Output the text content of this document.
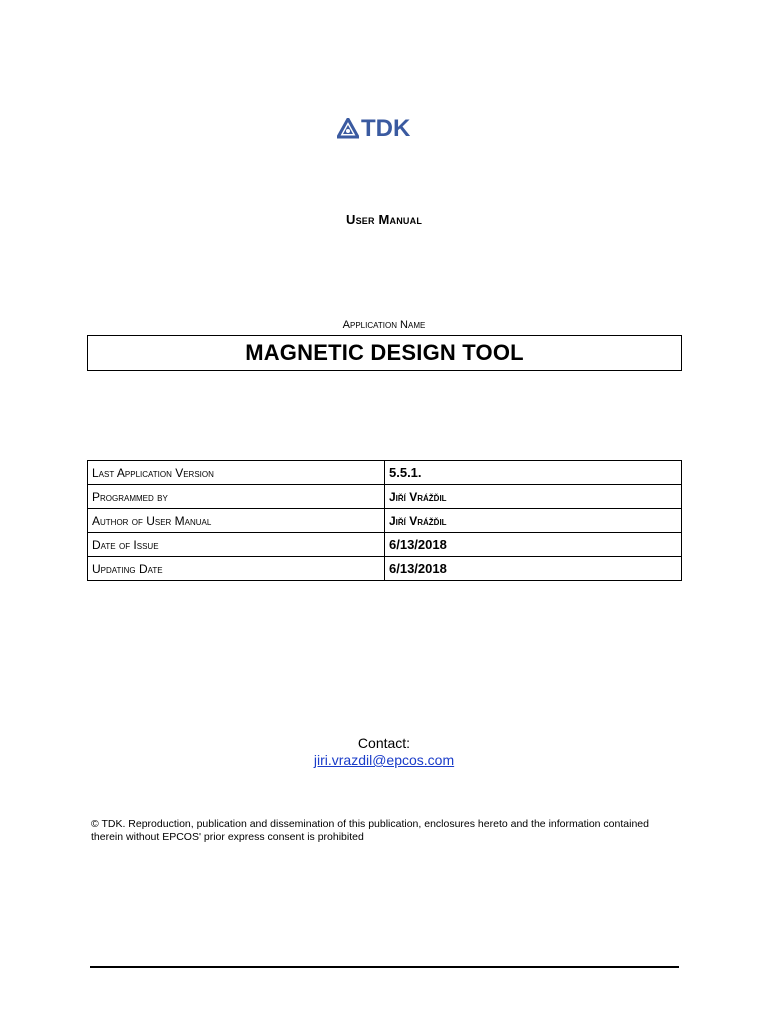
TDK
User Manual
Application Name
MAGNETIC DESIGN TOOL
Last Application Version	5.5.1.
Programmed by	Jiří Vrážďil
Author of User Manual	Jiří Vrážďil
Date of Issue	6/13/2018
Updating Date	6/13/2018
Contact:
jiri.vrazdil@epcos.com
© TDK. Reproduction, publication and dissemination of this publication, enclosures hereto and the information contained therein without EPCOS' prior express consent is prohibited
